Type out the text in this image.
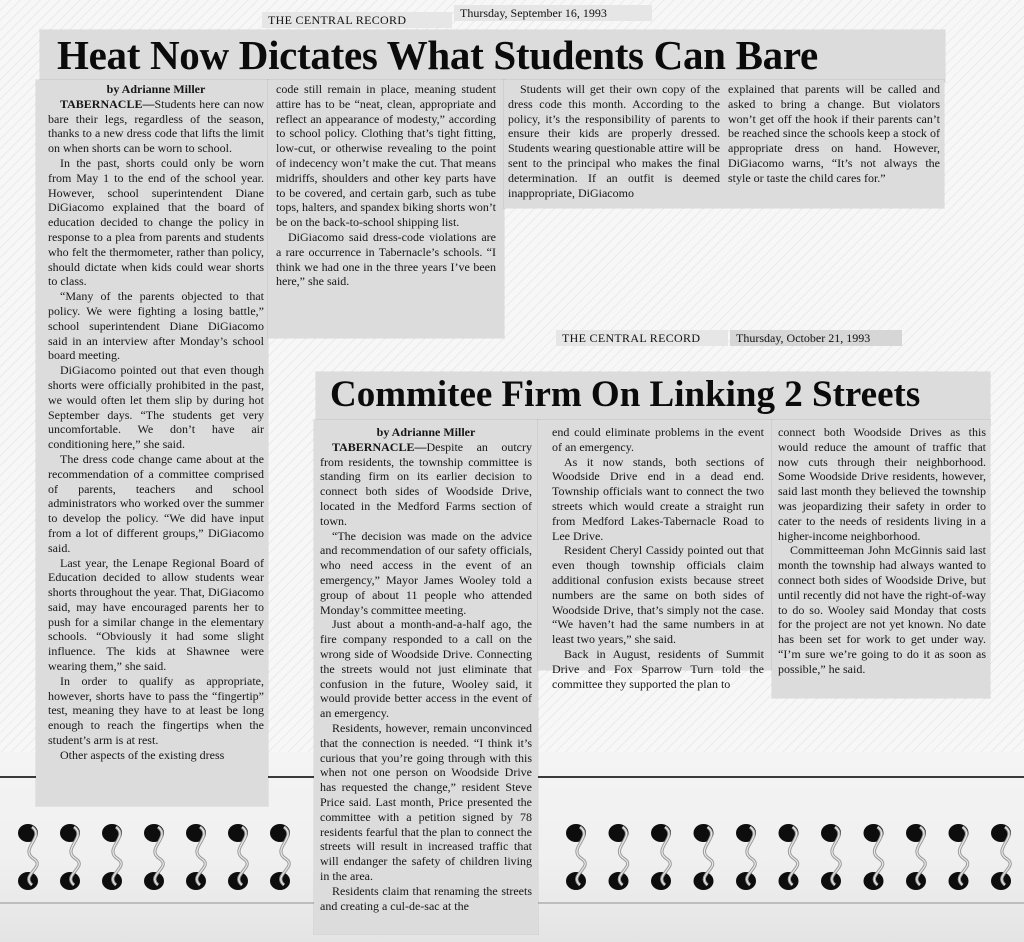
THE CENTRAL RECORD	Thursday, September 16, 1993
Heat Now Dictates What Students Can Bare

by Adrianne Miller

TABERNACLE—Students here can now bare their legs, regardless of the season, thanks to a new dress code that lifts the limit on when shorts can be worn to school.

In the past, shorts could only be worn from May 1 to the end of the school year. However, school superintendent Diane DiGiacomo explained that the board of education decided to change the policy in response to a plea from parents and students who felt the thermometer, rather than policy, should dictate when kids could wear shorts to class.

“Many of the parents objected to that policy. We were fighting a losing battle,” school superintendent Diane DiGiacomo said in an interview after Monday’s school board meeting.

DiGiacomo pointed out that even though shorts were officially prohibited in the past, we would often let them slip by during hot September days. “The students get very uncomfortable. We don’t have air conditioning here,” she said.

The dress code change came about at the recommendation of a committee comprised of parents, teachers and school administrators who worked over the summer to develop the policy. “We did have input from a lot of different groups,” DiGiacomo said.

Last year, the Lenape Regional Board of Education decided to allow students wear shorts throughout the year. That, DiGiacomo said, may have encouraged parents her to push for a similar change in the elementary schools. “Obviously it had some slight influence. The kids at Shawnee were wearing them,” she said.

In order to qualify as appropriate, however, shorts have to pass the “fingertip” test, meaning they have to at least be long enough to reach the fingertips when the student’s arm is at rest.

Other aspects of the existing dress

code still remain in place, meaning student attire has to be “neat, clean, appropriate and reflect an appearance of modesty,” according to school policy. Clothing that’s tight fitting, low-cut, or otherwise revealing to the point of indecency won’t make the cut. That means midriffs, shoulders and other key parts have to be covered, and certain garb, such as tube tops, halters, and spandex biking shorts won’t be on the back-to-school shipping list.

DiGiacomo said dress-code violations are a rare occurrence in Tabernacle’s schools. “I think we had one in the three years I’ve been here,” she said.

Students will get their own copy of the dress code this month. According to the policy, it’s the responsibility of parents to ensure their kids are properly dressed. Students wearing questionable attire will be sent to the principal who makes the final determination. If an outfit is deemed inappropriate, DiGiacomo

explained that parents will be called and asked to bring a change. But violators won’t get off the hook if their parents can’t be reached since the schools keep a stock of appropriate dress on hand. However, DiGiacomo warns, “It’s not always the style or taste the child cares for.”

THE CENTRAL RECORD	Thursday, October 21, 1993
Commitee Firm On Linking 2 Streets

by Adrianne Miller

TABERNACLE—Despite an outcry from residents, the township committee is standing firm on its earlier decision to connect both sides of Woodside Drive, located in the Medford Farms section of town.

“The decision was made on the advice and recommendation of our safety officials, who need access in the event of an emergency,” Mayor James Wooley told a group of about 11 people who attended Monday’s committee meeting.

Just about a month-and-a-half ago, the fire company responded to a call on the wrong side of Woodside Drive. Connecting the streets would not just eliminate that confusion in the future, Wooley said, it would provide better access in the event of an emergency.

Residents, however, remain unconvinced that the connection is needed. “I think it’s curious that you’re going through with this when not one person on Woodside Drive has requested the change,” resident Steve Price said. Last month, Price presented the committee with a petition signed by 78 residents fearful that the plan to connect the streets will result in increased traffic that will endanger the safety of children living in the area.

Residents claim that renaming the streets and creating a cul-de-sac at the

end could eliminate problems in the event of an emergency.

As it now stands, both sections of Woodside Drive end in a dead end. Township officials want to connect the two streets which would create a straight run from Medford Lakes-Tabernacle Road to Lee Drive.

Resident Cheryl Cassidy pointed out that even though township officials claim additional confusion exists because street numbers are the same on both sides of Woodside Drive, that’s simply not the case. “We haven’t had the same numbers in at least two years,” she said.

Back in August, residents of Summit Drive and Fox Sparrow Turn told the committee they supported the plan to

connect both Woodside Drives as this would reduce the amount of traffic that now cuts through their neighborhood. Some Woodside Drive residents, however, said last month they believed the township was jeopardizing their safety in order to cater to the needs of residents living in a higher-income neighborhood.

Committeeman John McGinnis said last month the township had always wanted to connect both sides of Woodside Drive, but until recently did not have the right-of-way to do so. Wooley said Monday that costs for the project are not yet known. No date has been set for work to get under way. “I’m sure we’re going to do it as soon as possible,” he said.
